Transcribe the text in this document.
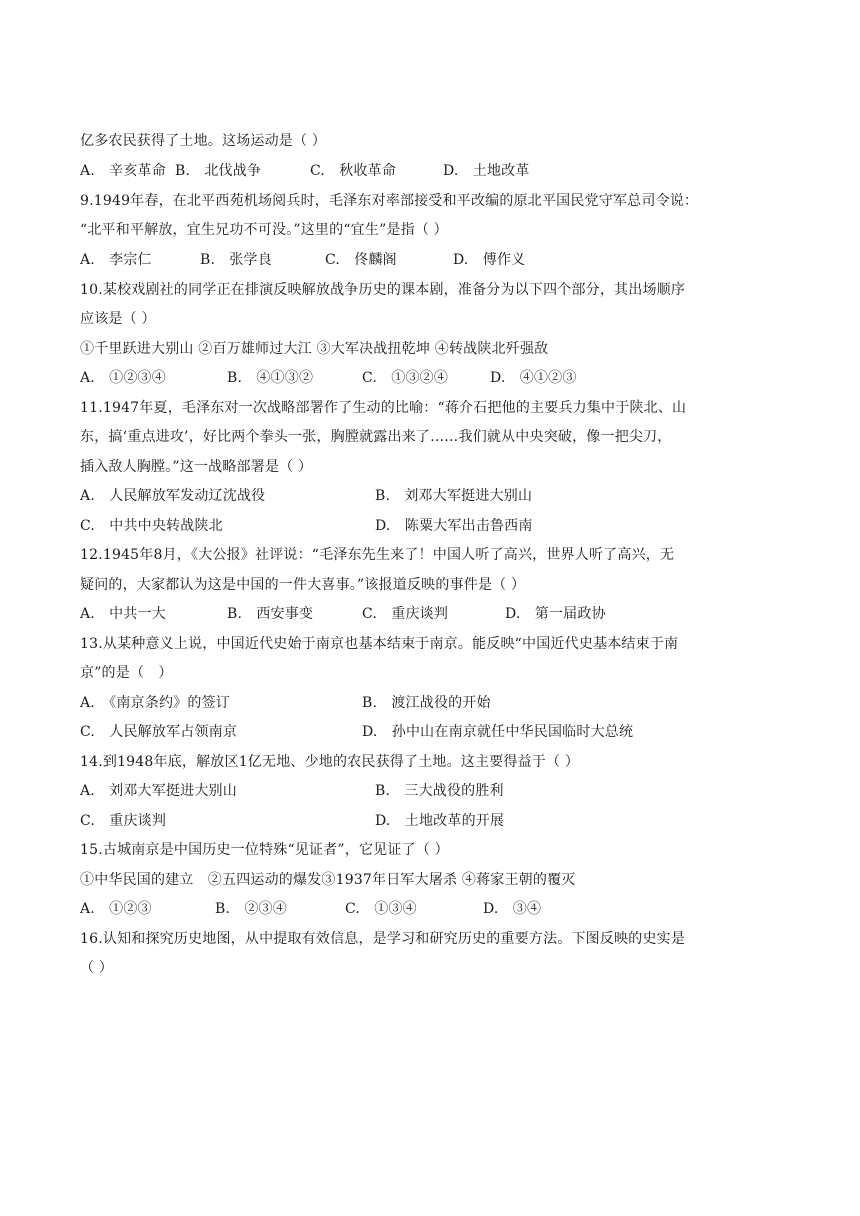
亿多农民获得了土地。这场运动是（ ）
A.　辛亥革命 B.　北伐战争	C.　秋收革命	D.　土地改革
9.1949年春，在北平西苑机场阅兵时，毛泽东对率部接受和平改编的原北平国民党守军总司令说：
“北平和平解放，宜生兄功不可没。”这里的“宜生”是指（ ）
A.　李宗仁	B.　张学良	C.　佟麟阁	D.　傅作义
10.某校戏剧社的同学正在排演反映解放战争历史的课本剧，准备分为以下四个部分，其出场顺序
应该是（ ）
①千里跃进大别山 ②百万雄师过大江 ③大军决战扭乾坤 ④转战陕北歼强敌
A.　①②③④	B.　④①③②	C.　①③②④	D.　④①②③
11.1947年夏，毛泽东对一次战略部署作了生动的比喻：“蒋介石把他的主要兵力集中于陕北、山
东，搞‘重点进攻’，好比两个拳头一张，胸膛就露出来了……我们就从中央突破，像一把尖刀，
插入敌人胸膛。”这一战略部署是（ ）
A.　人民解放军发动辽沈战役	B.　刘邓大军挺进大别山
C.　中共中央转战陕北	D.　陈粟大军出击鲁西南
12.1945年8月，《大公报》社评说：“毛泽东先生来了！中国人听了高兴，世界人听了高兴，无
疑问的，大家都认为这是中国的一件大喜事。”该报道反映的事件是（ ）
A.　中共一大	B.　西安事变	C.　重庆谈判	D.　第一届政协
13.从某种意义上说，中国近代史始于南京也基本结束于南京。能反映“中国近代史基本结束于南
京”的是（　）
A.　《南京条约》的签订	B.　渡江战役的开始
C.　人民解放军占领南京	D.　孙中山在南京就任中华民国临时大总统
14.到1948年底，解放区1亿无地、少地的农民获得了土地。这主要得益于（ ）
A.　刘邓大军挺进大别山	B.　三大战役的胜利
C.　重庆谈判	D.　土地改革的开展
15.古城南京是中国历史一位特殊“见证者”，它见证了（ ）
①中华民国的建立　②五四运动的爆发③1937年日军大屠杀 ④蒋家王朝的覆灭
A.　①②③	B.　②③④	C.　①③④	D.　③④
16.认知和探究历史地图，从中提取有效信息，是学习和研究历史的重要方法。下图反映的史实是
（ ）
